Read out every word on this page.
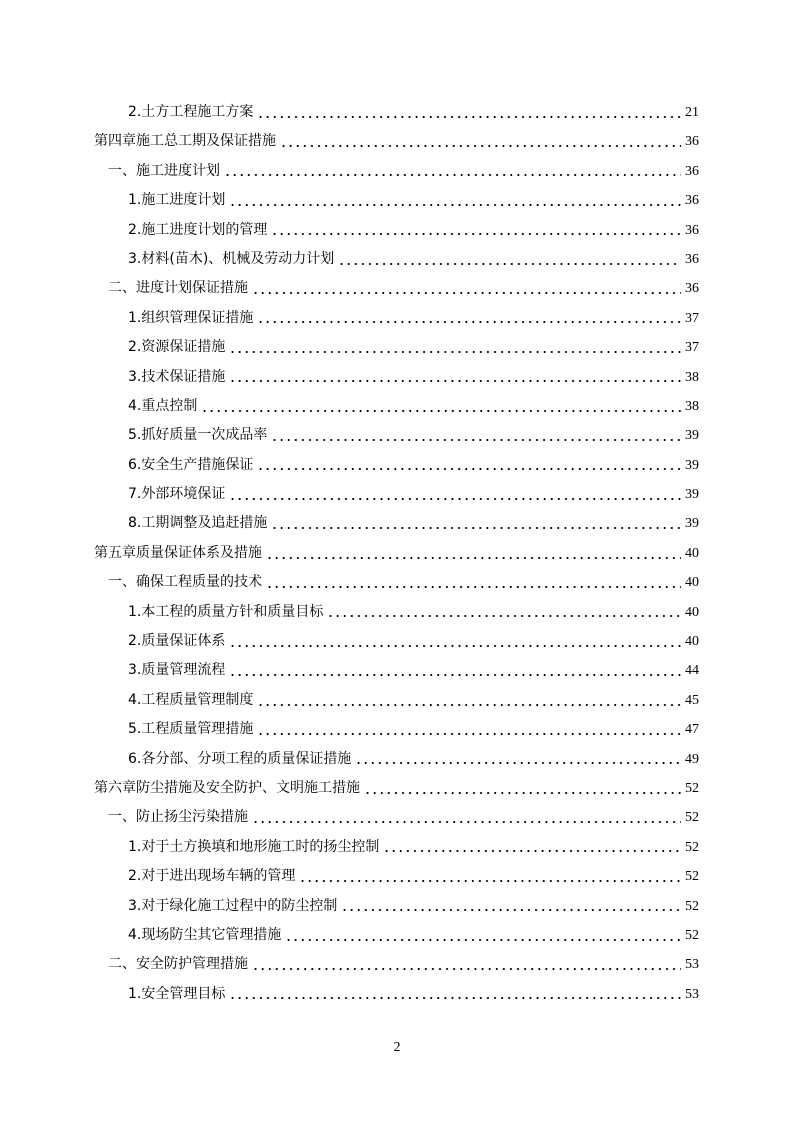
2.土方工程施工方案	21
第四章施工总工期及保证措施	36
一、施工进度计划	36
1.施工进度计划	36
2.施工进度计划的管理	36
3.材料(苗木)、机械及劳动力计划	36
二、进度计划保证措施	36
1.组织管理保证措施	37
2.资源保证措施	37
3.技术保证措施	38
4.重点控制	38
5.抓好质量一次成品率	39
6.安全生产措施保证	39
7.外部环境保证	39
8.工期调整及追赶措施	39
第五章质量保证体系及措施	40
一、确保工程质量的技术	40
1.本工程的质量方针和质量目标	40
2.质量保证体系	40
3.质量管理流程	44
4.工程质量管理制度	45
5.工程质量管理措施	47
6.各分部、分项工程的质量保证措施	49
第六章防尘措施及安全防护、文明施工措施	52
一、防止扬尘污染措施	52
1.对于土方换填和地形施工时的扬尘控制	52
2.对于进出现场车辆的管理	52
3.对于绿化施工过程中的防尘控制	52
4.现场防尘其它管理措施	52
二、安全防护管理措施	53
1.安全管理目标	53
2
